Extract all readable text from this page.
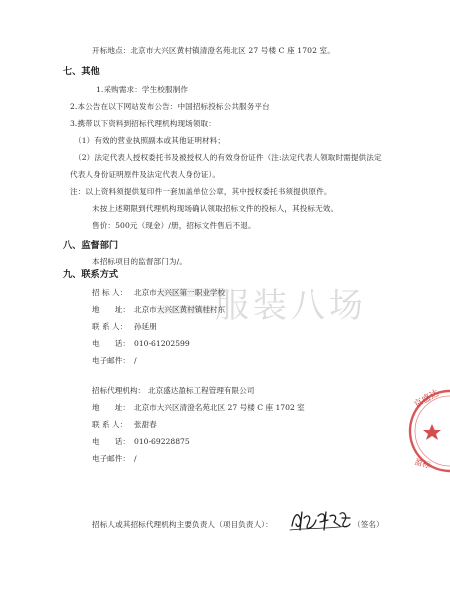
开标地点：北京市大兴区黄村镇清澄名苑北区 27 号楼 C 座 1702 室。
七、其他
1.采购需求：学生校服制作
2.本公告在以下网站发布公告：中国招标投标公共服务平台
3.携带以下资料到招标代理机构现场领取：
（1）有效的营业执照副本或其他证明材料；
（2）法定代表人授权委托书及被授权人的有效身份证件（注:法定代表人领取时需提供法定
代表人身份证明原件及法定代表人身份证）。
注：以上资料须提供复印件一套加盖单位公章，其中授权委托书须提供原件。
未按上述期限到代理机构现场确认领取招标文件的投标人，其投标无效。
售价：500元（现金）/册，招标文件售后不退。
八、监督部门
本招标项目的监督部门为/。
九、联系方式
招 标 人： 北京市大兴区第一职业学校
地　　址： 北京市大兴区黄村镇桂村东
联 系 人： 孙延朋
电　　话： 010-61202599
电子邮件： /
招标代理机构： 北京盛达盈标工程管理有限公司
地　　址： 北京市大兴区清澄名苑北区 27 号楼 C 座 1702 室
联 系 人： 张甜春
电　　话： 010-69228875
电子邮件： /
招标人或其招标代理机构主要负责人（项目负责人）：	（签名）
服装八场
京盛达
盈标
